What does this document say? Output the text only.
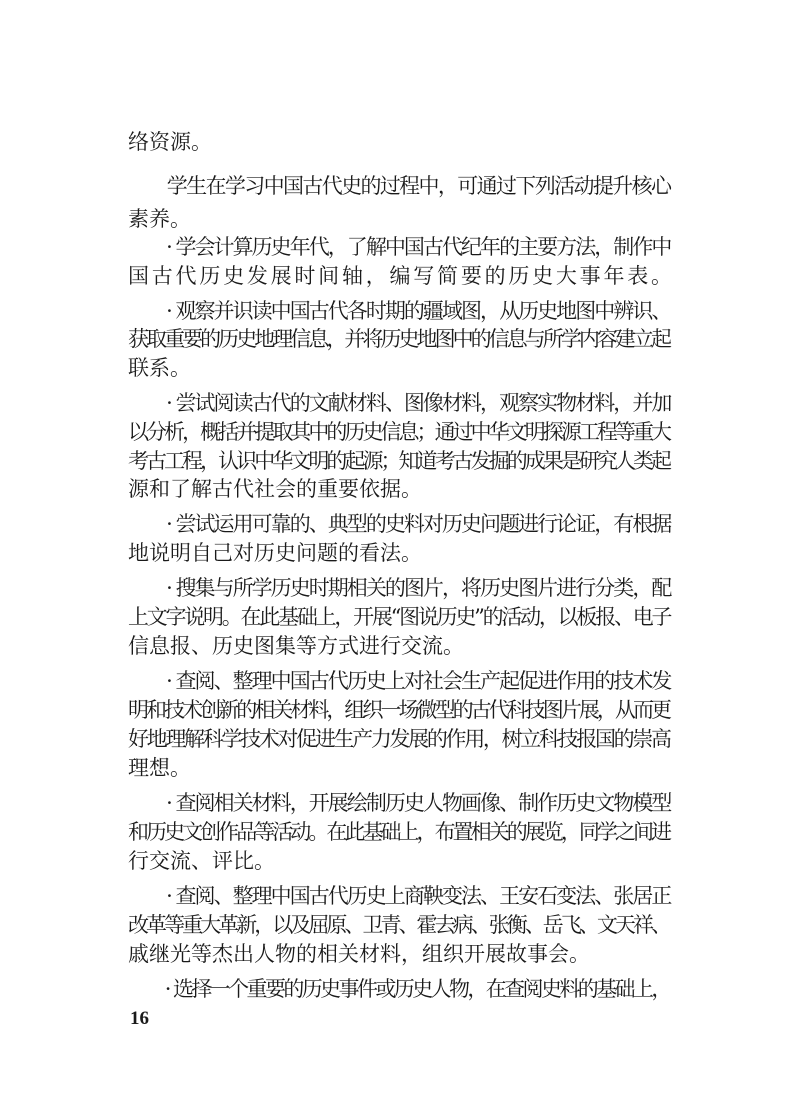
络资源。
　　学生在学习中国古代史的过程中，可通过下列活动提升核心
素养。
　　· 学会计算历史年代，了解中国古代纪年的主要方法，制作中
国古代历史发展时间轴，编写简要的历史大事年表。
　　· 观察并识读中国古代各时期的疆域图，从历史地图中辨识、
获取重要的历史地理信息，并将历史地图中的信息与所学内容建立起
联系。
　　· 尝试阅读古代的文献材料、图像材料，观察实物材料，并加
以分析，概括并提取其中的历史信息；通过中华文明探源工程等重大
考古工程，认识中华文明的起源；知道考古发掘的成果是研究人类起
源和了解古代社会的重要依据。
　　· 尝试运用可靠的、典型的史料对历史问题进行论证，有根据
地说明自己对历史问题的看法。
　　· 搜集与所学历史时期相关的图片，将历史图片进行分类，配
上文字说明。在此基础上，开展“图说历史”的活动，以板报、电子
信息报、历史图集等方式进行交流。
　　· 查阅、整理中国古代历史上对社会生产起促进作用的技术发
明和技术创新的相关材料，组织一场微型的古代科技图片展，从而更
好地理解科学技术对促进生产力发展的作用，树立科技报国的崇高
理想。
　　· 查阅相关材料，开展绘制历史人物画像、制作历史文物模型
和历史文创作品等活动。在此基础上，布置相关的展览，同学之间进
行交流、评比。
　　· 查阅、整理中国古代历史上商鞅变法、王安石变法、张居正
改革等重大革新，以及屈原、卫青、霍去病、张衡、岳飞、文天祥、
戚继光等杰出人物的相关材料，组织开展故事会。
　　· 选择一个重要的历史事件或历史人物，在查阅史料的基础上，
16
